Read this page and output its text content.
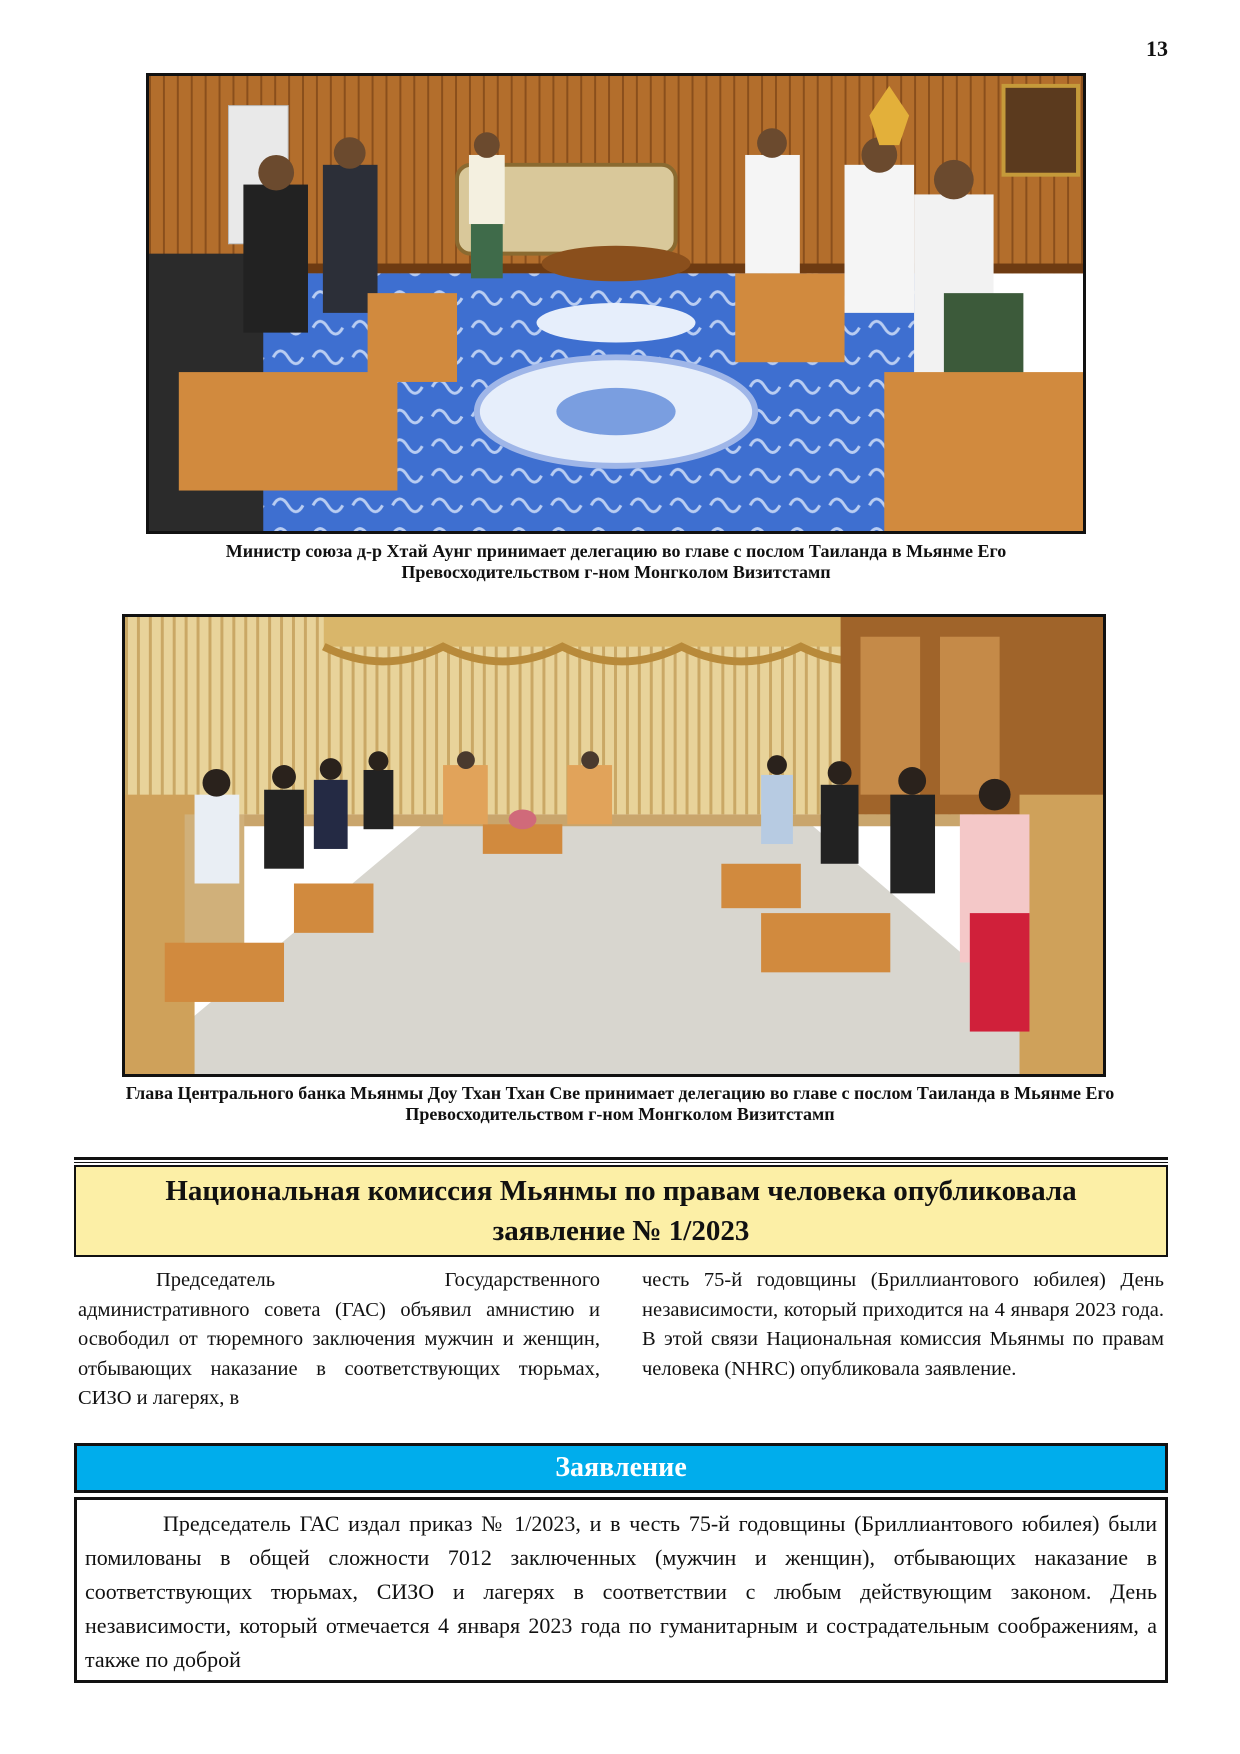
13
Министр союза д-р Хтай Аунг принимает делегацию во главе с послом Таиланда в Мьянме Его Превосходительством г-ном Монгколом Визитстамп
Глава Центрального банка Мьянмы Доу Тхан Тхан Све принимает делегацию во главе с послом Таиланда в Мьянме Его Превосходительством г-ном Монгколом Визитстамп
Национальная комиссия Мьянмы по правам человека опубликовала заявление № 1/2023
Председатель Государственного административного совета (ГАС) объявил амнистию и освободил от тюремного заключения мужчин и женщин, отбывающих наказание в соответствующих тюрьмах, СИЗО и лагерях, в
честь 75-й годовщины (Бриллиантового юбилея) День независимости, который приходится на 4 января 2023 года. В этой связи Национальная комиссия Мьянмы по правам человека (NHRC) опубликовала заявление.
Заявление

Председатель ГАС издал приказ № 1/2023, и в честь 75-й годовщины (Бриллиантового юбилея) были помилованы в общей сложности 7012 заключенных (мужчин и женщин), отбывающих наказание в соответствующих тюрьмах, СИЗО и лагерях в соответствии с любым действующим законом. День независимости, который отмечается 4 января 2023 года по гуманитарным и сострадательным соображениям, а также по доброй
